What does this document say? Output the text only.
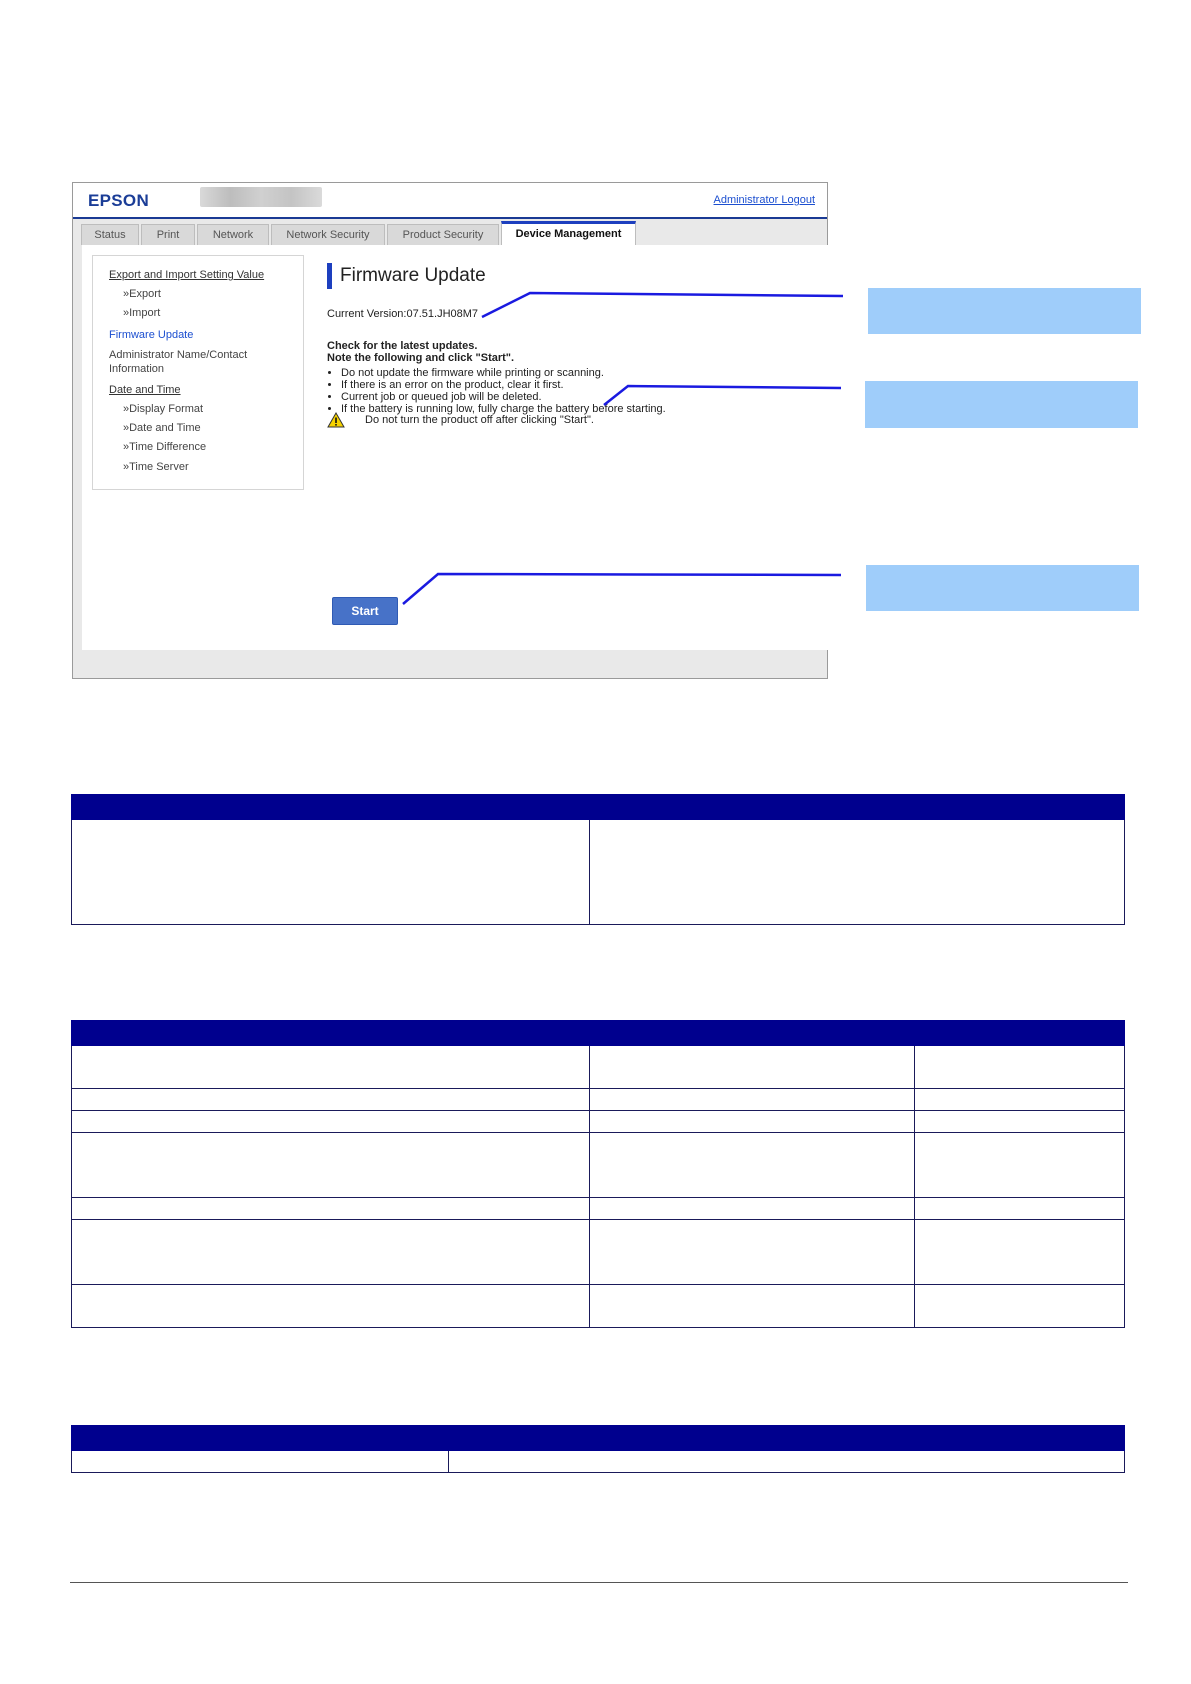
EPSON	Administrator Logout
Status	Print	Network	Network Security	Product Security	Device Management
Export and Import Setting Value
»Export
»Import
Firmware Update
Administrator Name/Contact
Information
Date and Time
»Display Format
»Date and Time
»Time Difference
»Time Server
Firmware Update
Current Version:07.51.JH08M7
Check for the latest updates.
Note the following and click "Start".
• Do not update the firmware while printing or scanning.
• If there is an error on the product, clear it first.
• Current job or queued job will be deleted.
• If the battery is running low, fully charge the battery before starting.
Do not turn the product off after clicking "Start".
Start
